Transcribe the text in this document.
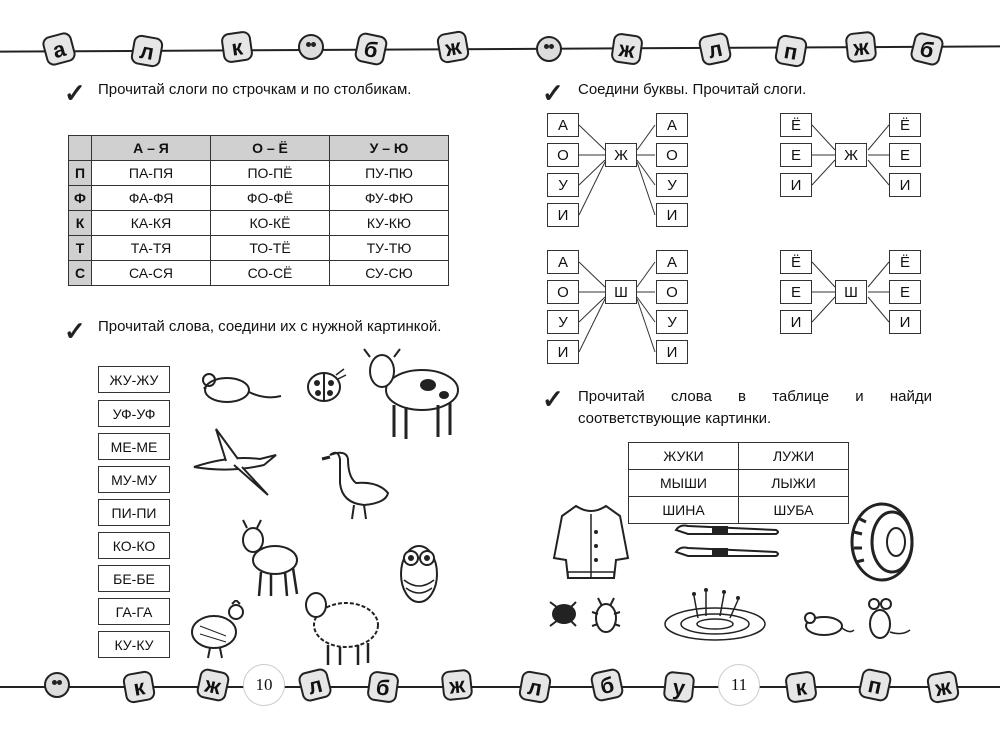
а	л	к	б	ж	ж	л	п	ж	б
✓ Прочитай слоги по строчкам и по столбикам.
	А – Я	О – Ё	У – Ю
П	ПА-ПЯ	ПО-ПЁ	ПУ-ПЮ
Ф	ФА-ФЯ	ФО-ФЁ	ФУ-ФЮ
К	КА-КЯ	КО-КЁ	КУ-КЮ
Т	ТА-ТЯ	ТО-ТЁ	ТУ-ТЮ
С	СА-СЯ	СО-СЁ	СУ-СЮ
✓ Прочитай слова, соедини их с нужной картинкой.
ЖУ-ЖУ
УФ-УФ
МЕ-МЕ
МУ-МУ
ПИ-ПИ
КО-КО
БЕ-БЕ
ГА-ГА
КУ-КУ
✓ Соедини буквы. Прочитай слоги.
А
О
У
И
Ж
А
О
У
И
Ё
Е
И
Ж
Ё
Е
И
А
О
У
И
Ш
А
О
У
И
Ё
Е
И
Ш
Ё
Е
И
✓ Прочитай слова в таблице и найди соответствующие картинки.
ЖУКИ	ЛУЖИ
МЫШИ	ЛЫЖИ
ШИНА	ШУБА
к	ж	10	л	б	ж	л	б	у	11	к	п	ж
